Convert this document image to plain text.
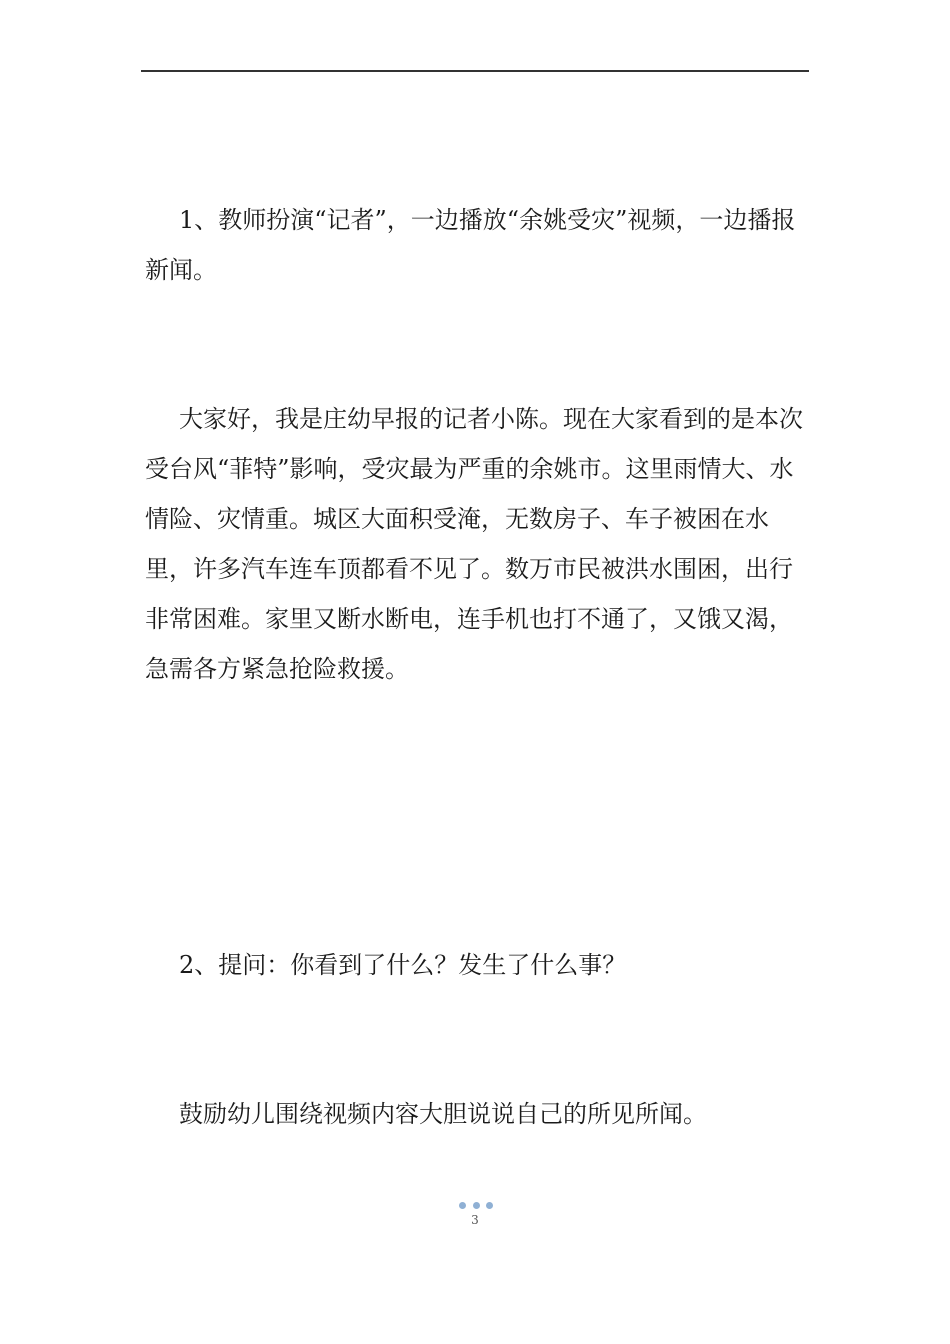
1、教师扮演“记者”，一边播放“余姚受灾”视频，一边播报新闻。

大家好，我是庄幼早报的记者小陈。现在大家看到的是本次受台风“菲特”影响，受灾最为严重的余姚市。这里雨情大、水情险、灾情重。城区大面积受淹，无数房子、车子被困在水里，许多汽车连车顶都看不见了。数万市民被洪水围困，出行非常困难。家里又断水断电，连手机也打不通了，又饿又渴，急需各方紧急抢险救援。

2、提问：你看到了什么？发生了什么事？

鼓励幼儿围绕视频内容大胆说说自己的所见所闻。

3
